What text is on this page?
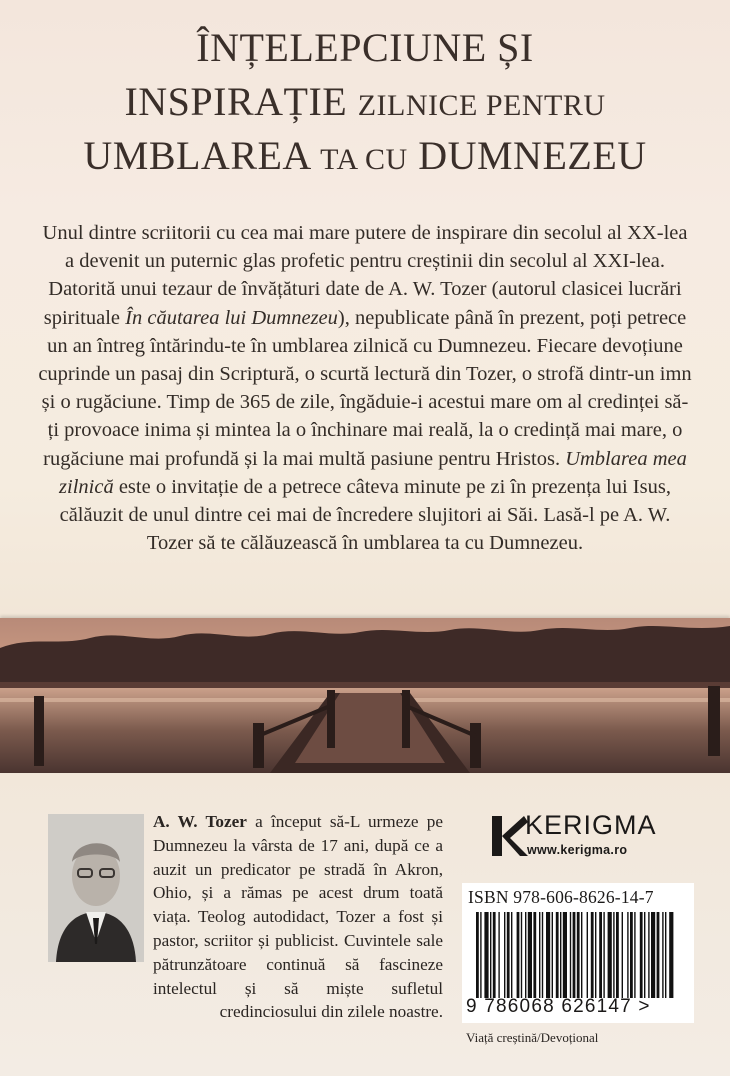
ÎNȚELEPCIUNE ȘI
INSPIRAȚIE ZILNICE PENTRU
UMBLAREA TA CU DUMNEZEU
Unul dintre scriitorii cu cea mai mare putere de inspirare din secolul al XX-lea a devenit un puternic glas profetic pentru creștinii din secolul al XXI-lea. Datorită unui tezaur de învățături date de A. W. Tozer (autorul clasicei lucrări spirituale În căutarea lui Dumnezeu), nepublicate până în prezent, poți petrece un an întreg întărindu-te în umblarea zilnică cu Dumnezeu. Fiecare devoțiune cuprinde un pasaj din Scriptură, o scurtă lectură din Tozer, o strofă dintr-un imn și o rugăciune. Timp de 365 de zile, îngăduie-i acestui mare om al credinței să-ți provoace inima și mintea la o închinare mai reală, la o credință mai mare, o rugăciune mai profundă și la mai multă pasiune pentru Hristos. Umblarea mea zilnică este o invitație de a petrece câteva minute pe zi în prezența lui Isus, călăuzit de unul dintre cei mai de încredere slujitori ai Săi. Lasă-l pe A. W. Tozer să te călăuzească în umblarea ta cu Dumnezeu.
A. W. Tozer a început să-L urmeze pe Dumnezeu la vârsta de 17 ani, după ce a auzit un predicator pe stradă în Akron, Ohio, și a rămas pe acest drum toată viața. Teolog autodidact, Tozer a fost și pastor, scriitor și publicist. Cuvintele sale pătrunzătoare continuă să fascineze intelectul și să miște sufletul credinciosului din zilele noastre.
KERIGMA
www.kerigma.ro
ISBN 978-606-8626-14-7
9 786068 626147 >
Viață creștină/Devoțional
